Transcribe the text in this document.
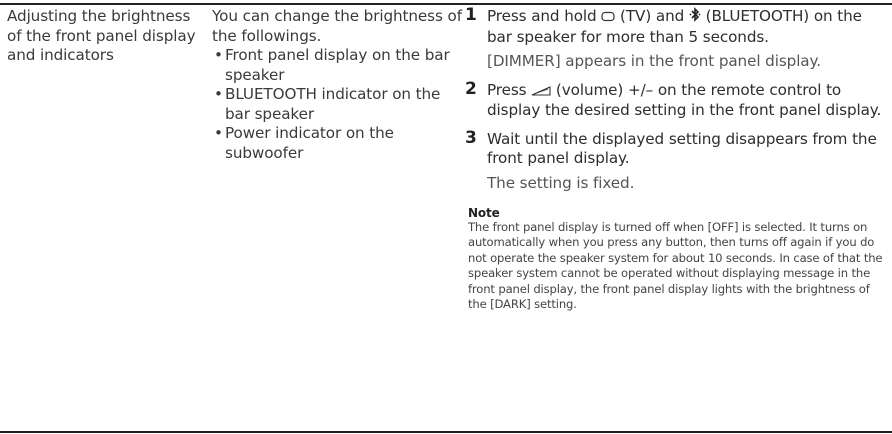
Adjusting the brightness of the front panel display and indicators
You can change the brightness of the followings.
• Front panel display on the bar speaker
• BLUETOOTH indicator on the bar speaker
• Power indicator on the subwoofer
1 Press and hold  (TV) and  (BLUETOOTH) on the bar speaker for more than 5 seconds.
[DIMMER] appears in the front panel display.
2 Press  (volume) +/– on the remote control to display the desired setting in the front panel display.
3 Wait until the displayed setting disappears from the front panel display.
The setting is fixed.
Note
The front panel display is turned off when [OFF] is selected. It turns on automatically when you press any button, then turns off again if you do not operate the speaker system for about 10 seconds. In case of that the speaker system cannot be operated without displaying message in the front panel display, the front panel display lights with the brightness of the [DARK] setting.
